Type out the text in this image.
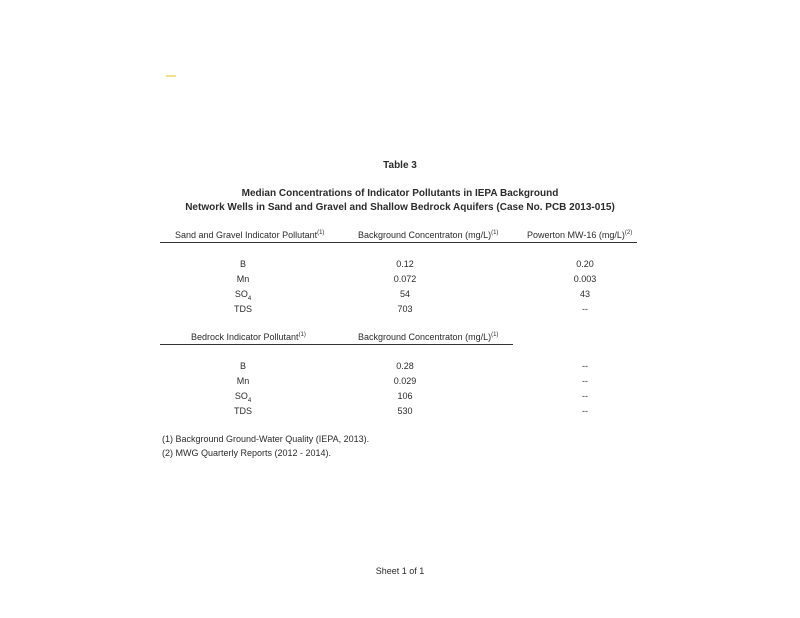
Table 3
Median Concentrations of Indicator Pollutants in IEPA Background
Network Wells in Sand and Gravel and Shallow Bedrock Aquifers (Case No. PCB 2013-015)
Sand and Gravel Indicator Pollutant$^{(1)}$	Background Concentraton $(mg/L)^{(1)}$	Powerton MW-16 $(mg/L)^{(2)}$
B	0.12	0.20
Mn	0.072	0.003
$SO_4$	54	43
TDS	703	--
Bedrock Indicator Pollutant$^{(1)}$	Background Concentraton $(mg/L)^{(1)}$
B	0.28	--
Mn	0.029	--
$SO_4$	106	--
TDS	530	--
(1) Background Ground-Water Quality (IEPA, 2013).
(2) MWG Quarterly Reports (2012 - 2014).
Sheet 1 of 1
